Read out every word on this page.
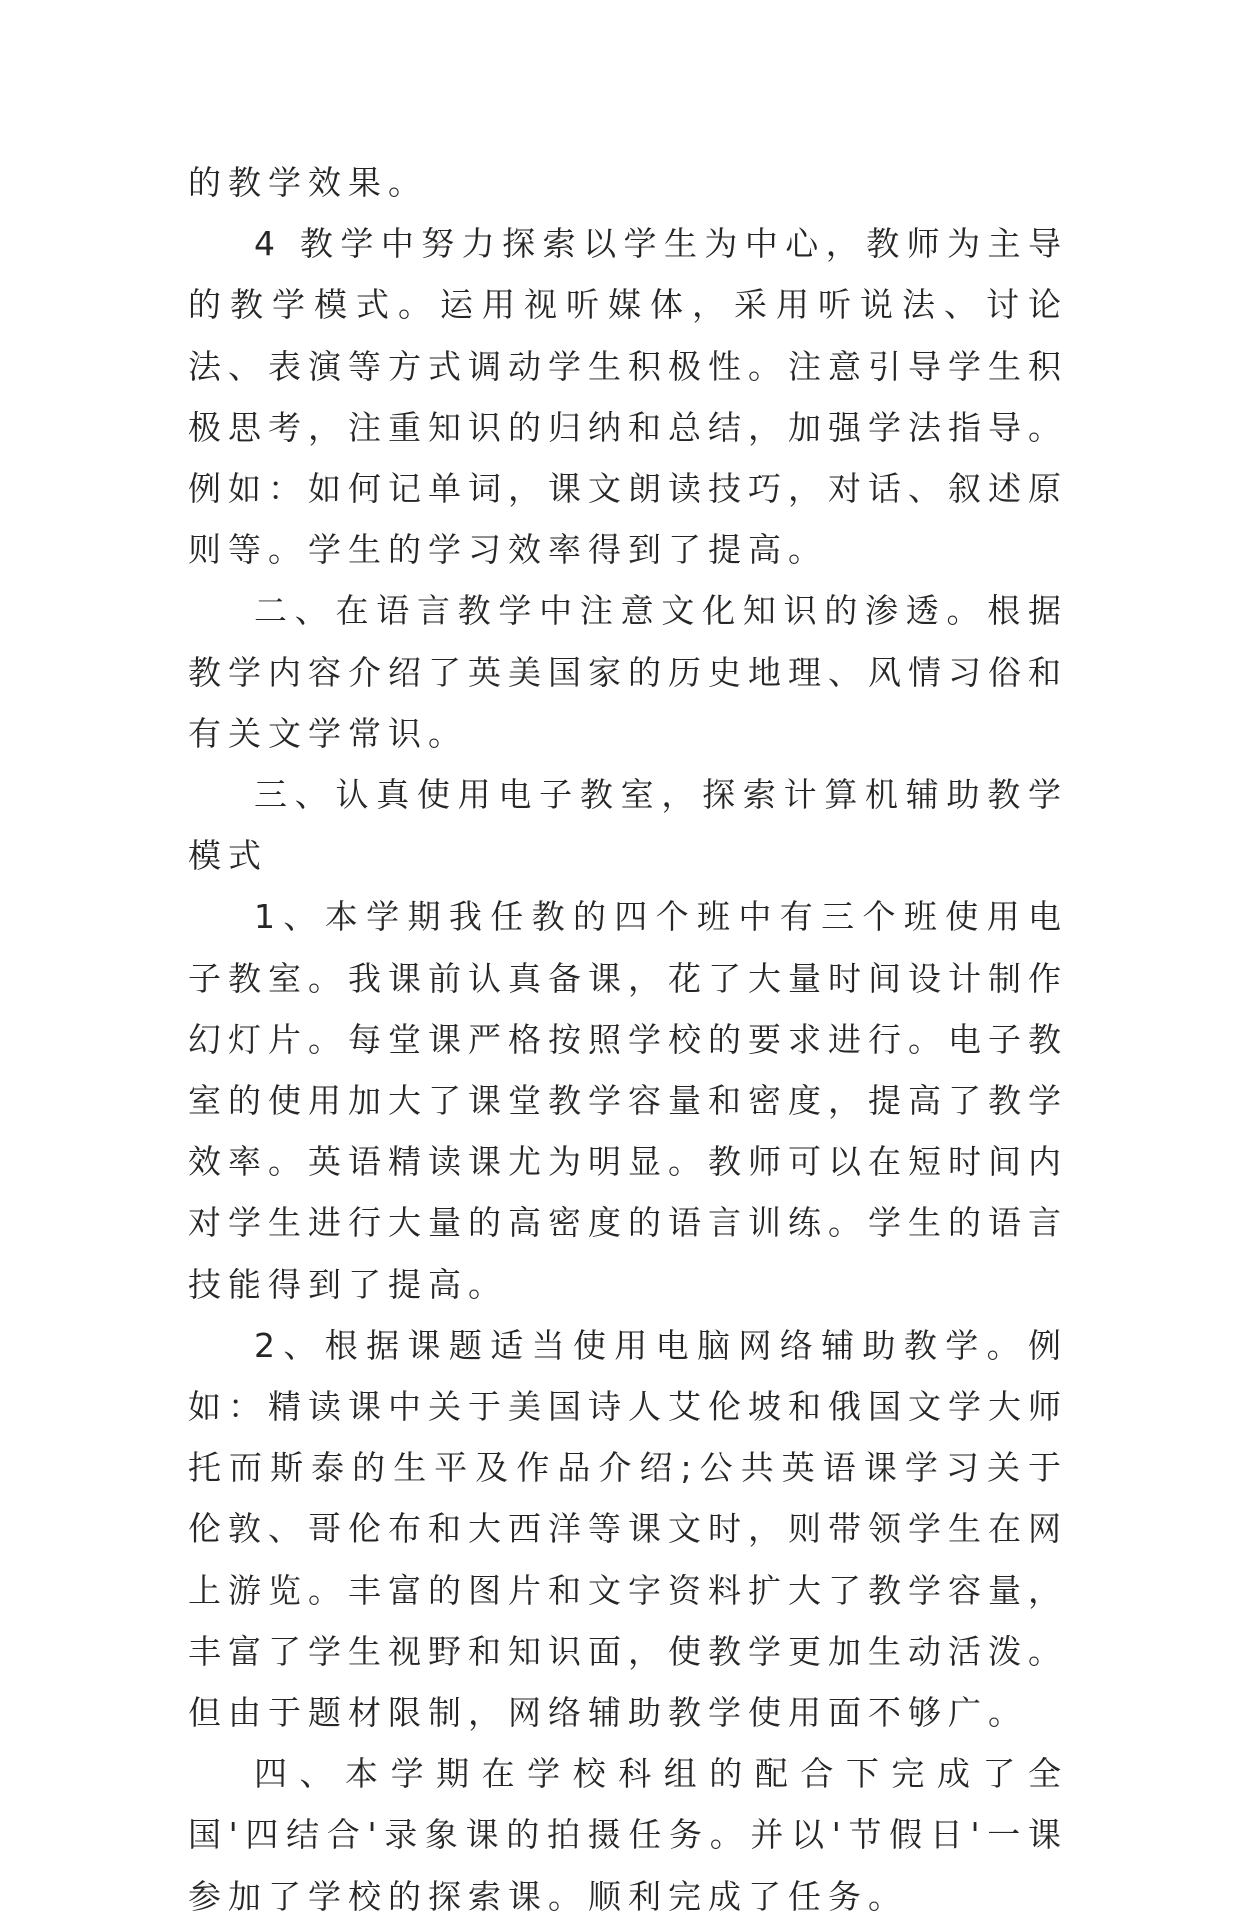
的教学效果。

4 教学中努力探索以学生为中心，教师为主导的教学模式。运用视听媒体，采用听说法、讨论法、表演等方式调动学生积极性。注意引导学生积极思考，注重知识的归纳和总结，加强学法指导。例如：如何记单词，课文朗读技巧，对话、叙述原则等。学生的学习效率得到了提高。

二、在语言教学中注意文化知识的渗透。根据教学内容介绍了英美国家的历史地理、风情习俗和有关文学常识。

三、认真使用电子教室，探索计算机辅助教学模式

1、本学期我任教的四个班中有三个班使用电子教室。我课前认真备课，花了大量时间设计制作幻灯片。每堂课严格按照学校的要求进行。电子教室的使用加大了课堂教学容量和密度，提高了教学效率。英语精读课尤为明显。教师可以在短时间内对学生进行大量的高密度的语言训练。学生的语言技能得到了提高。

2、根据课题适当使用电脑网络辅助教学。例如：精读课中关于美国诗人艾伦坡和俄国文学大师托而斯泰的生平及作品介绍;公共英语课学习关于伦敦、哥伦布和大西洋等课文时，则带领学生在网上游览。丰富的图片和文字资料扩大了教学容量，丰富了学生视野和知识面，使教学更加生动活泼。但由于题材限制，网络辅助教学使用面不够广。

四、本学期在学校科组的配合下完成了全国'四结合'录象课的拍摄任务。并以'节假日'一课参加了学校的探索课。顺利完成了任务。
